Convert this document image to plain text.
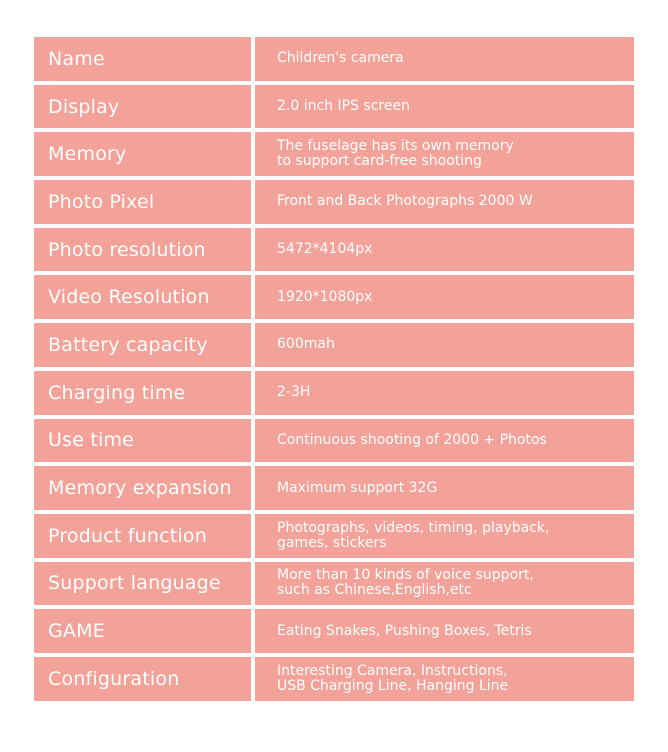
Name	Children's camera
Display	2.0 inch IPS screen
Memory	The fuselage has its own memory
to support card-free shooting
Photo Pixel	Front and Back Photographs 2000 W
Photo resolution	5472*4104px
Video Resolution	1920*1080px
Battery capacity	600mah
Charging time	2-3H
Use time	Continuous shooting of 2000 + Photos
Memory expansion	Maximum support 32G
Product function	Photographs, videos, timing, playback,
games, stickers
Support language	More than 10 kinds of voice support,
such as Chinese,English,etc
GAME	Eating Snakes, Pushing Boxes, Tetris
Configuration	Interesting Camera, Instructions,
USB Charging Line, Hanging Line
